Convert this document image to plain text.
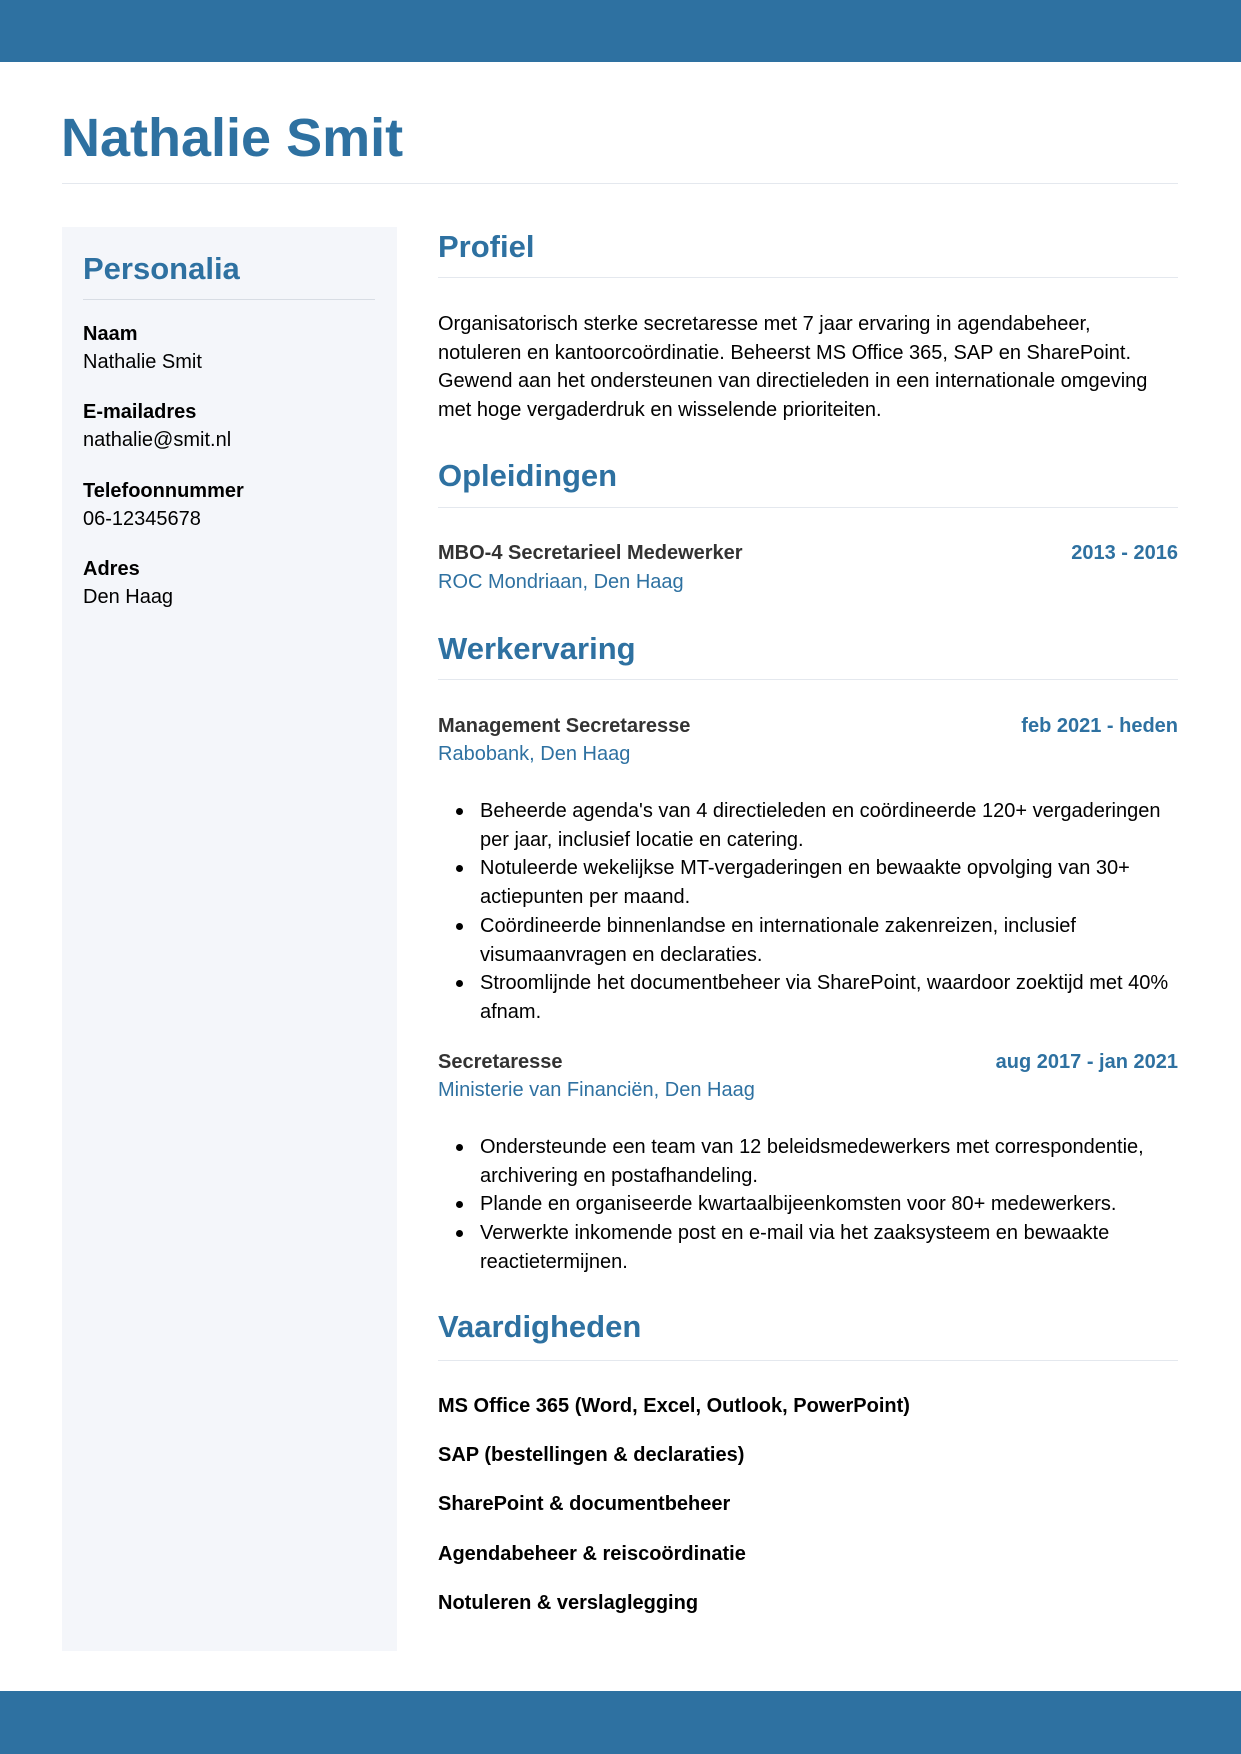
Nathalie Smit
Personalia
Naam
Nathalie Smit
E-mailadres
nathalie@smit.nl
Telefoonnummer
06-12345678
Adres
Den Haag
Profiel

Organisatorisch sterke secretaresse met 7 jaar ervaring in agendabeheer, notuleren en kantoorcoördinatie. Beheerst MS Office 365, SAP en SharePoint. Gewend aan het ondersteunen van directieleden in een internationale omgeving met hoge vergaderdruk en wisselende prioriteiten.

Opleidingen
MBO-4 Secretarieel Medewerker	2013 - 2016
ROC Mondriaan, Den Haag
Werkervaring
Management Secretaresse	feb 2021 - heden
Rabobank, Den Haag
Beheerde agenda's van 4 directieleden en coördineerde 120+ vergaderingen per jaar, inclusief locatie en catering.
Notuleerde wekelijkse MT-vergaderingen en bewaakte opvolging van 30+ actiepunten per maand.
Coördineerde binnenlandse en internationale zakenreizen, inclusief visumaanvragen en declaraties.
Stroomlijnde het documentbeheer via SharePoint, waardoor zoektijd met 40% afnam.
Secretaresse	aug 2017 - jan 2021
Ministerie van Financiën, Den Haag
Ondersteunde een team van 12 beleidsmedewerkers met correspondentie, archivering en postafhandeling.
Plande en organiseerde kwartaalbijeenkomsten voor 80+ medewerkers.
Verwerkte inkomende post en e-mail via het zaaksysteem en bewaakte reactietermijnen.
Vaardigheden
MS Office 365 (Word, Excel, Outlook, PowerPoint)
SAP (bestellingen & declaraties)
SharePoint & documentbeheer
Agendabeheer & reiscoördinatie
Notuleren & verslaglegging
